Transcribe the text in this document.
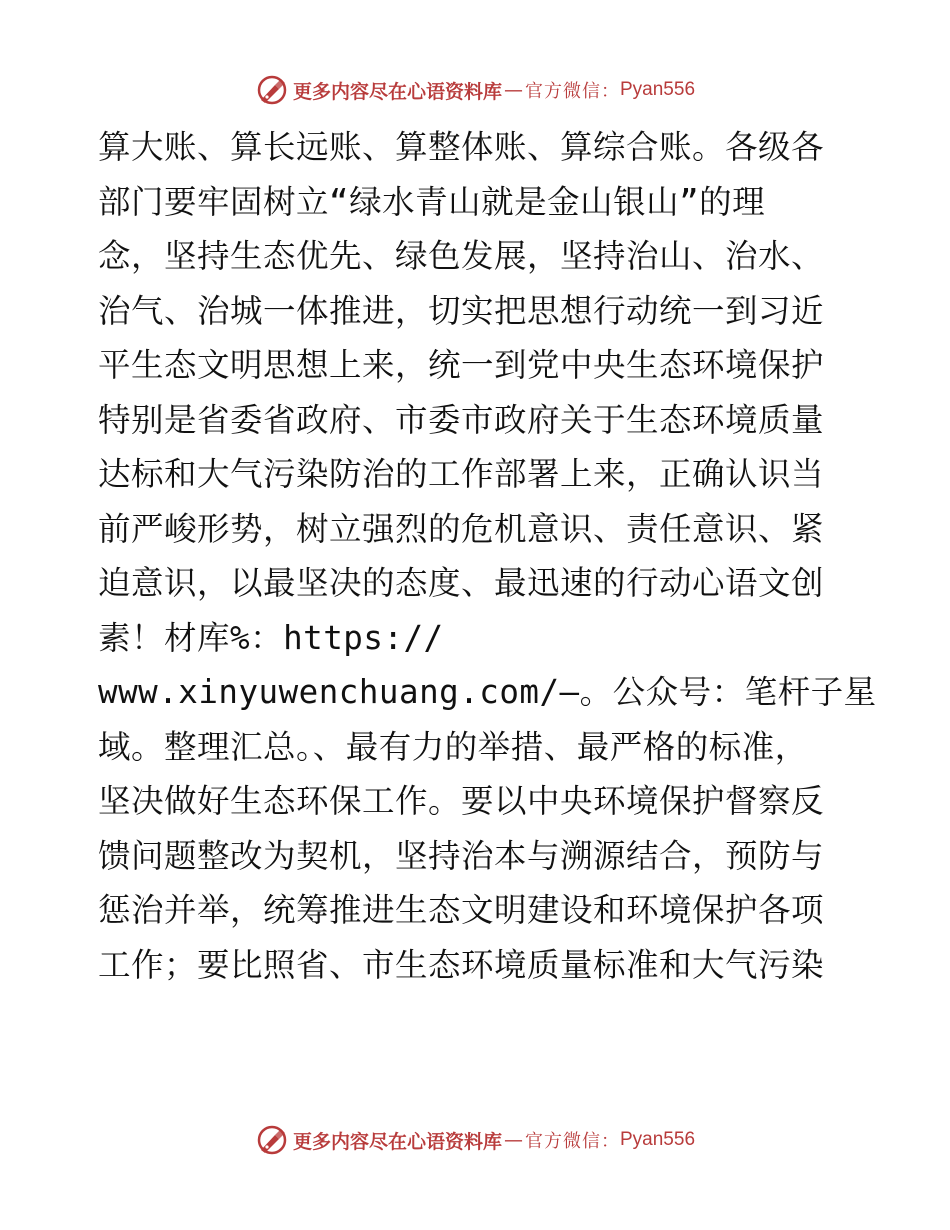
更多内容尽在心语资料库 — 官方微信： Pyan556
算大账、算长远账、算整体账、算综合账。各级各
部门要牢固树立“绿水青山就是金山银山”的理
念，坚持生态优先、绿色发展，坚持治山、治水、
治气、治城一体推进，切实把思想行动统一到习近
平生态文明思想上来，统一到党中央生态环境保护
特别是省委省政府、市委市政府关于生态环境质量
达标和大气污染防治的工作部署上来，正确认识当
前严峻形势，树立强烈的危机意识、责任意识、紧
迫意识，以最坚决的态度、最迅速的行动心语文创
素！材库%：https://
www.xinyuwenchuang.com/—。公众号：笔杆子星
域。整理汇总。、最有力的举措、最严格的标准，
坚决做好生态环保工作。要以中央环境保护督察反
馈问题整改为契机，坚持治本与溯源结合，预防与
惩治并举，统筹推进生态文明建设和环境保护各项
工作；要比照省、市生态环境质量标准和大气污染
更多内容尽在心语资料库 — 官方微信： Pyan556
